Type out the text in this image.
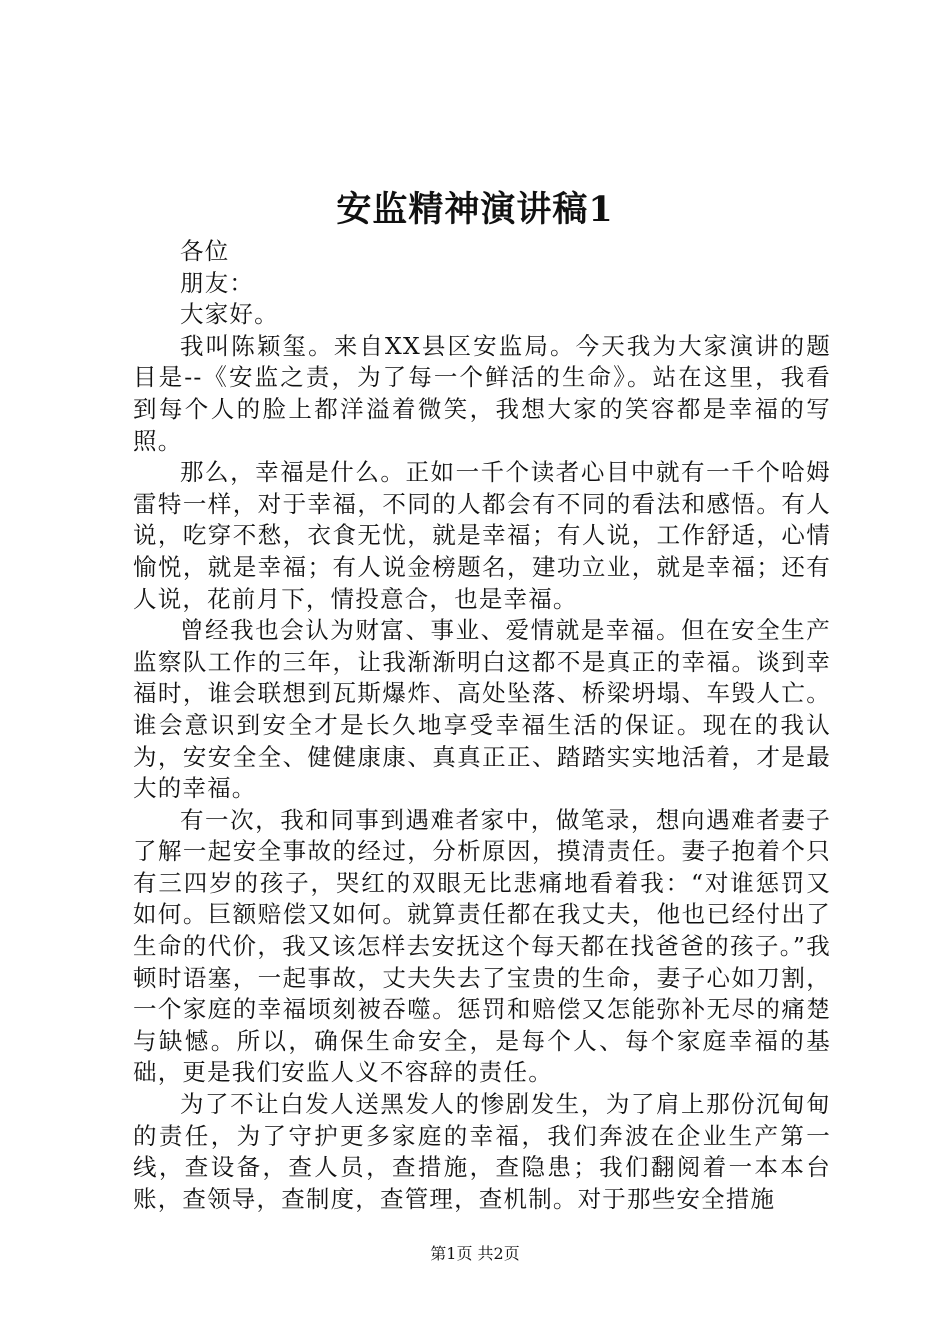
安监精神演讲稿1

各位

朋友：

大家好。

我叫陈颖玺。来自XX县区安监局。今天我为大家演讲的题目是--《安监之责，为了每一个鲜活的生命》。站在这里，我看到每个人的脸上都洋溢着微笑，我想大家的笑容都是幸福的写照。

那么，幸福是什么。正如一千个读者心目中就有一千个哈姆雷特一样，对于幸福，不同的人都会有不同的看法和感悟。有人说，吃穿不愁，衣食无忧，就是幸福；有人说，工作舒适，心情愉悦，就是幸福；有人说金榜题名，建功立业，就是幸福；还有人说，花前月下，情投意合，也是幸福。

曾经我也会认为财富、事业、爱情就是幸福。但在安全生产监察队工作的三年，让我渐渐明白这都不是真正的幸福。谈到幸福时，谁会联想到瓦斯爆炸、高处坠落、桥梁坍塌、车毁人亡。谁会意识到安全才是长久地享受幸福生活的保证。现在的我认为，安安全全、健健康康、真真正正、踏踏实实地活着，才是最大的幸福。

有一次，我和同事到遇难者家中，做笔录，想向遇难者妻子了解一起安全事故的经过，分析原因，摸清责任。妻子抱着个只有三四岁的孩子，哭红的双眼无比悲痛地看着我：“对谁惩罚又如何。巨额赔偿又如何。就算责任都在我丈夫，他也已经付出了生命的代价，我又该怎样去安抚这个每天都在找爸爸的孩子。”我顿时语塞，一起事故，丈夫失去了宝贵的生命，妻子心如刀割，一个家庭的幸福顷刻被吞噬。惩罚和赔偿又怎能弥补无尽的痛楚与缺憾。所以，确保生命安全，是每个人、每个家庭幸福的基础，更是我们安监人义不容辞的责任。

为了不让白发人送黑发人的惨剧发生，为了肩上那份沉甸甸的责任，为了守护更多家庭的幸福，我们奔波在企业生产第一线，查设备，查人员，查措施，查隐患；我们翻阅着一本本台账，查领导，查制度，查管理，查机制。对于那些安全措施

第1页 共2页
